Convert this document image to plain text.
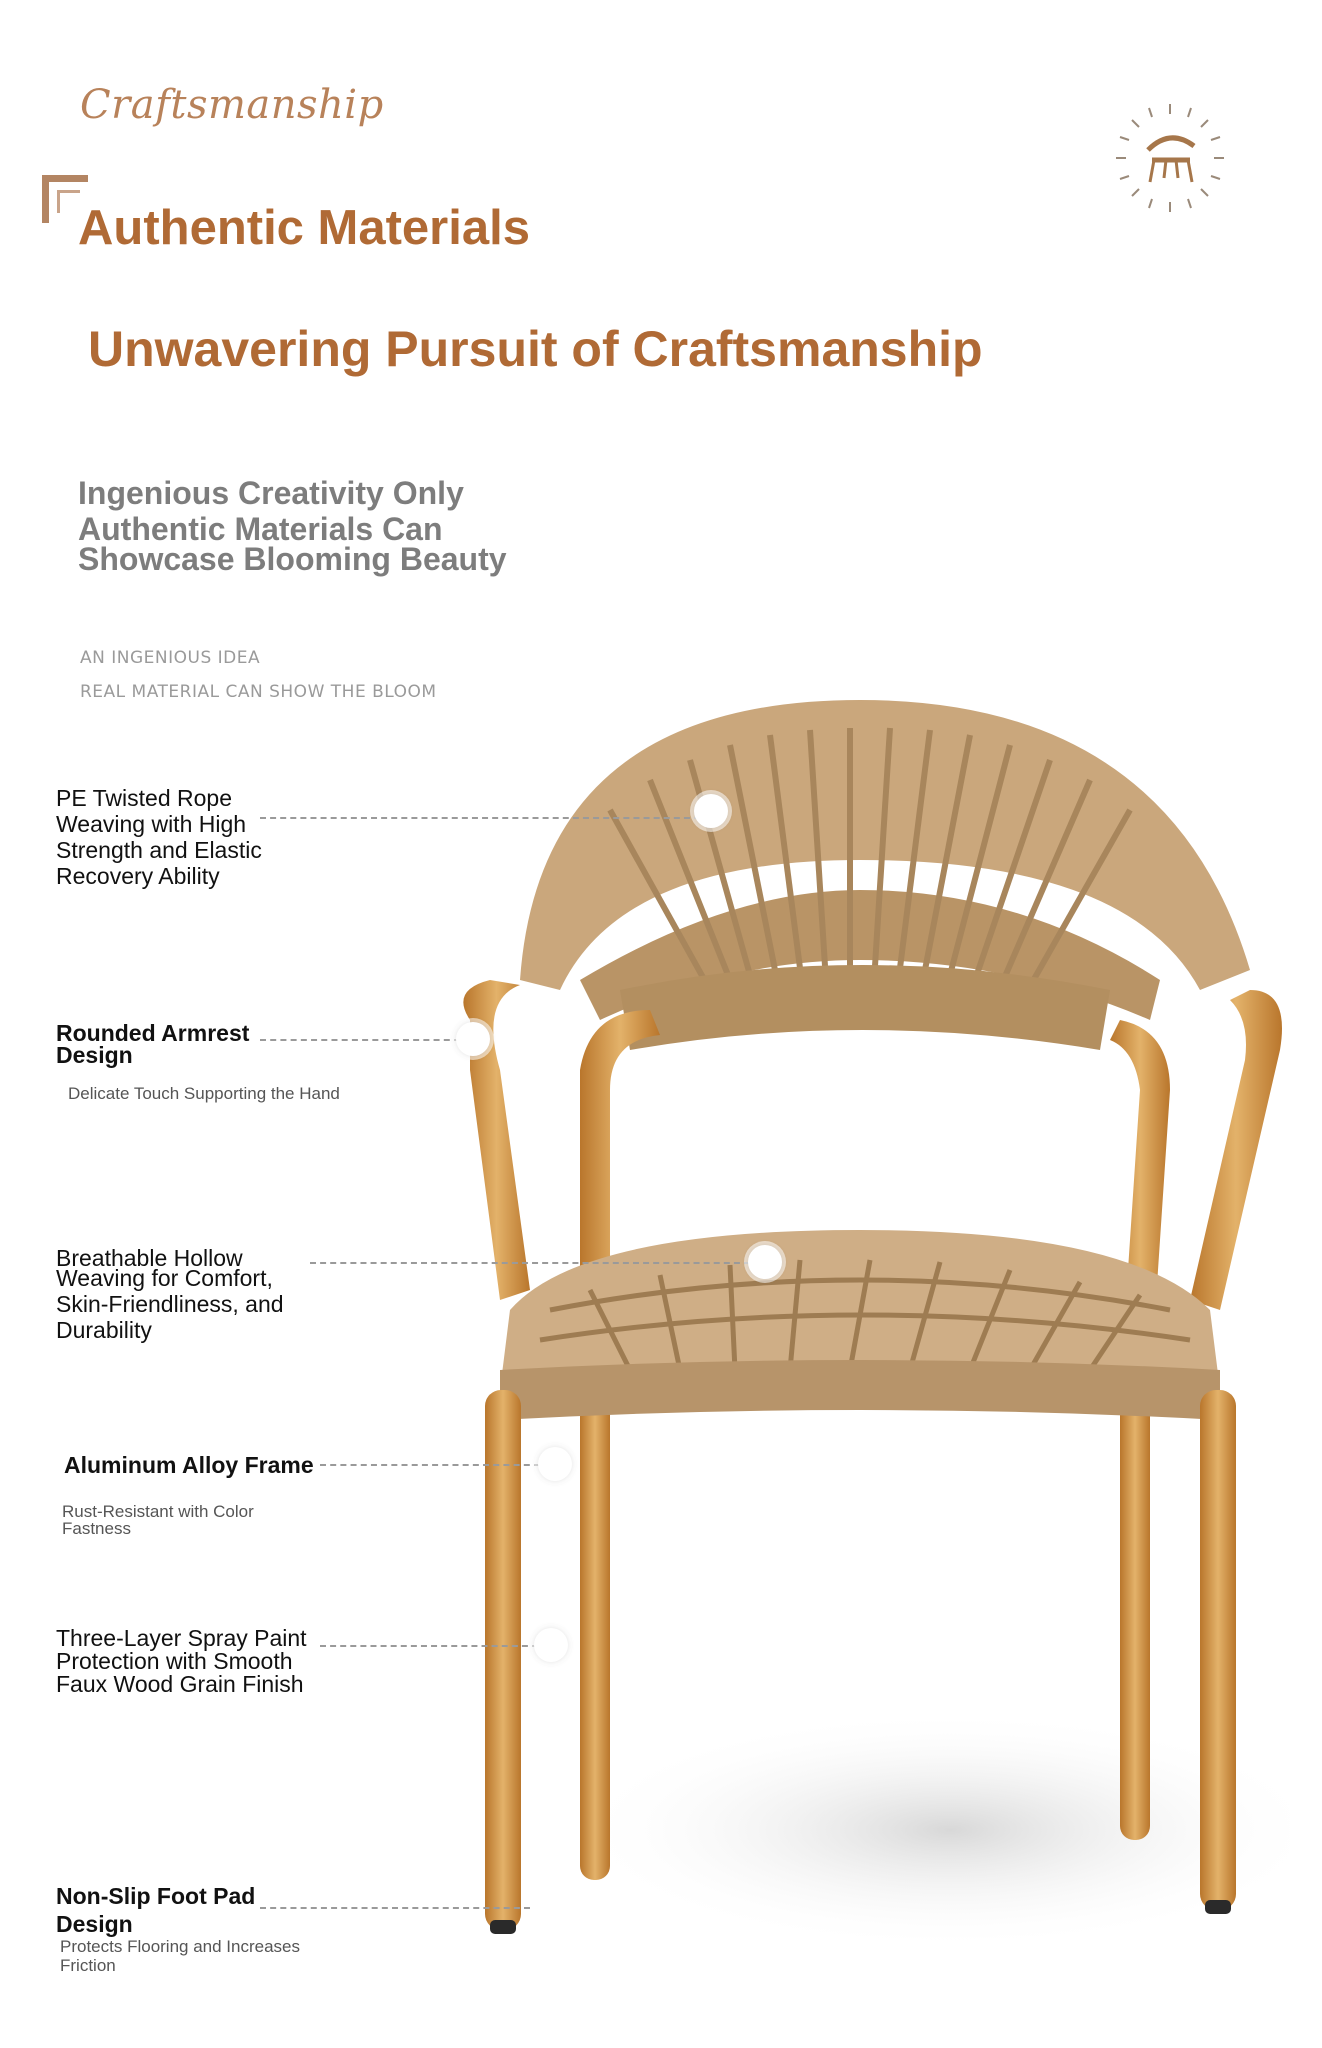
Craftsmanship
Authentic Materials
Unwavering Pursuit of Craftsmanship
Ingenious Creativity Only
Authentic Materials Can
Showcase Blooming Beauty
AN INGENIOUS IDEA
REAL MATERIAL CAN SHOW THE BLOOM
PE Twisted Rope
Weaving with High
Strength and Elastic
Recovery Ability
Rounded Armrest
Design
Delicate Touch Supporting the Hand
Breathable Hollow
Weaving for Comfort,
Skin-Friendliness, and
Durability
Aluminum Alloy Frame
Rust-Resistant with Color
Fastness
Three-Layer Spray Paint
Protection with Smooth
Faux Wood Grain Finish
Non-Slip Foot Pad
Design
Protects Flooring and Increases
Friction
